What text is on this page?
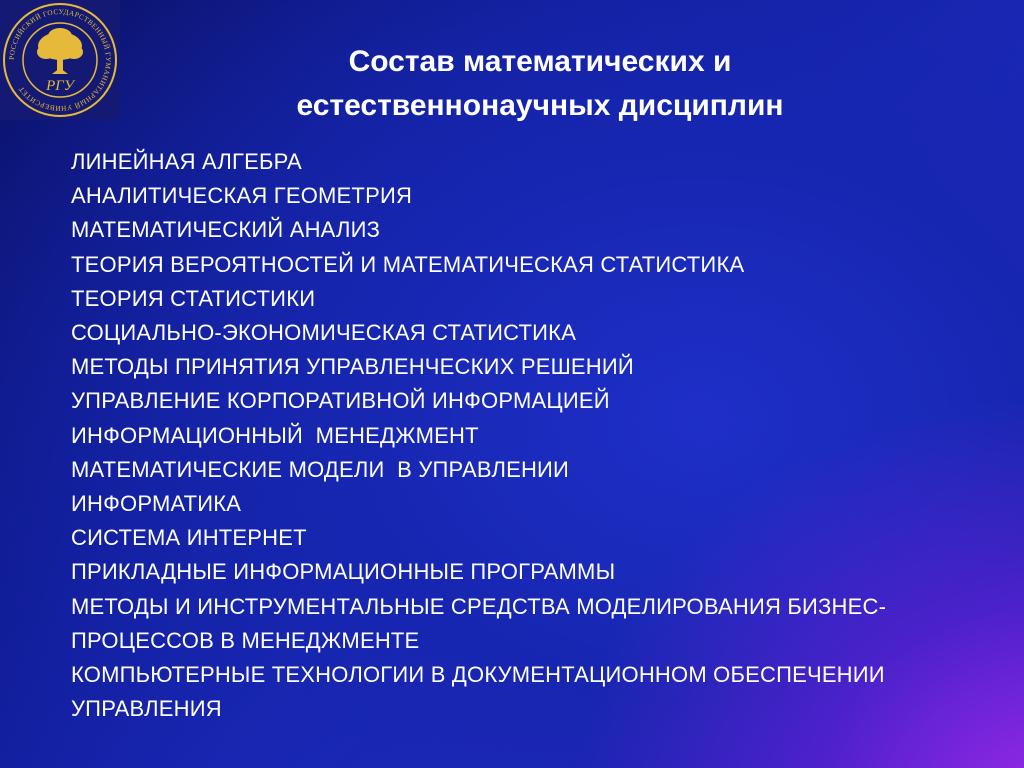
РОССИЙСКИЙ ГОСУДАРСТВЕННЫЙ ГУМАНИТАРНЫЙ УНИВЕРСИТЕТ	РГУ
Состав математических и
естественнонаучных дисциплин
ЛИНЕЙНАЯ АЛГЕБРА
АНАЛИТИЧЕСКАЯ ГЕОМЕТРИЯ
МАТЕМАТИЧЕСКИЙ АНАЛИЗ
ТЕОРИЯ ВЕРОЯТНОСТЕЙ И МАТЕМАТИЧЕСКАЯ СТАТИСТИКА
ТЕОРИЯ СТАТИСТИКИ
СОЦИАЛЬНО-ЭКОНОМИЧЕСКАЯ СТАТИСТИКА
МЕТОДЫ ПРИНЯТИЯ УПРАВЛЕНЧЕСКИХ РЕШЕНИЙ
УПРАВЛЕНИЕ КОРПОРАТИВНОЙ ИНФОРМАЦИЕЙ
ИНФОРМАЦИОННЫЙ  МЕНЕДЖМЕНТ
МАТЕМАТИЧЕСКИЕ МОДЕЛИ  В УПРАВЛЕНИИ
ИНФОРМАТИКА
СИСТЕМА ИНТЕРНЕТ
ПРИКЛАДНЫЕ ИНФОРМАЦИОННЫЕ ПРОГРАММЫ
МЕТОДЫ И ИНСТРУМЕНТАЛЬНЫЕ СРЕДСТВА МОДЕЛИРОВАНИЯ БИЗНЕС-
ПРОЦЕССОВ В МЕНЕДЖМЕНТЕ
КОМПЬЮТЕРНЫЕ ТЕХНОЛОГИИ В ДОКУМЕНТАЦИОННОМ ОБЕСПЕЧЕНИИ
УПРАВЛЕНИЯ
